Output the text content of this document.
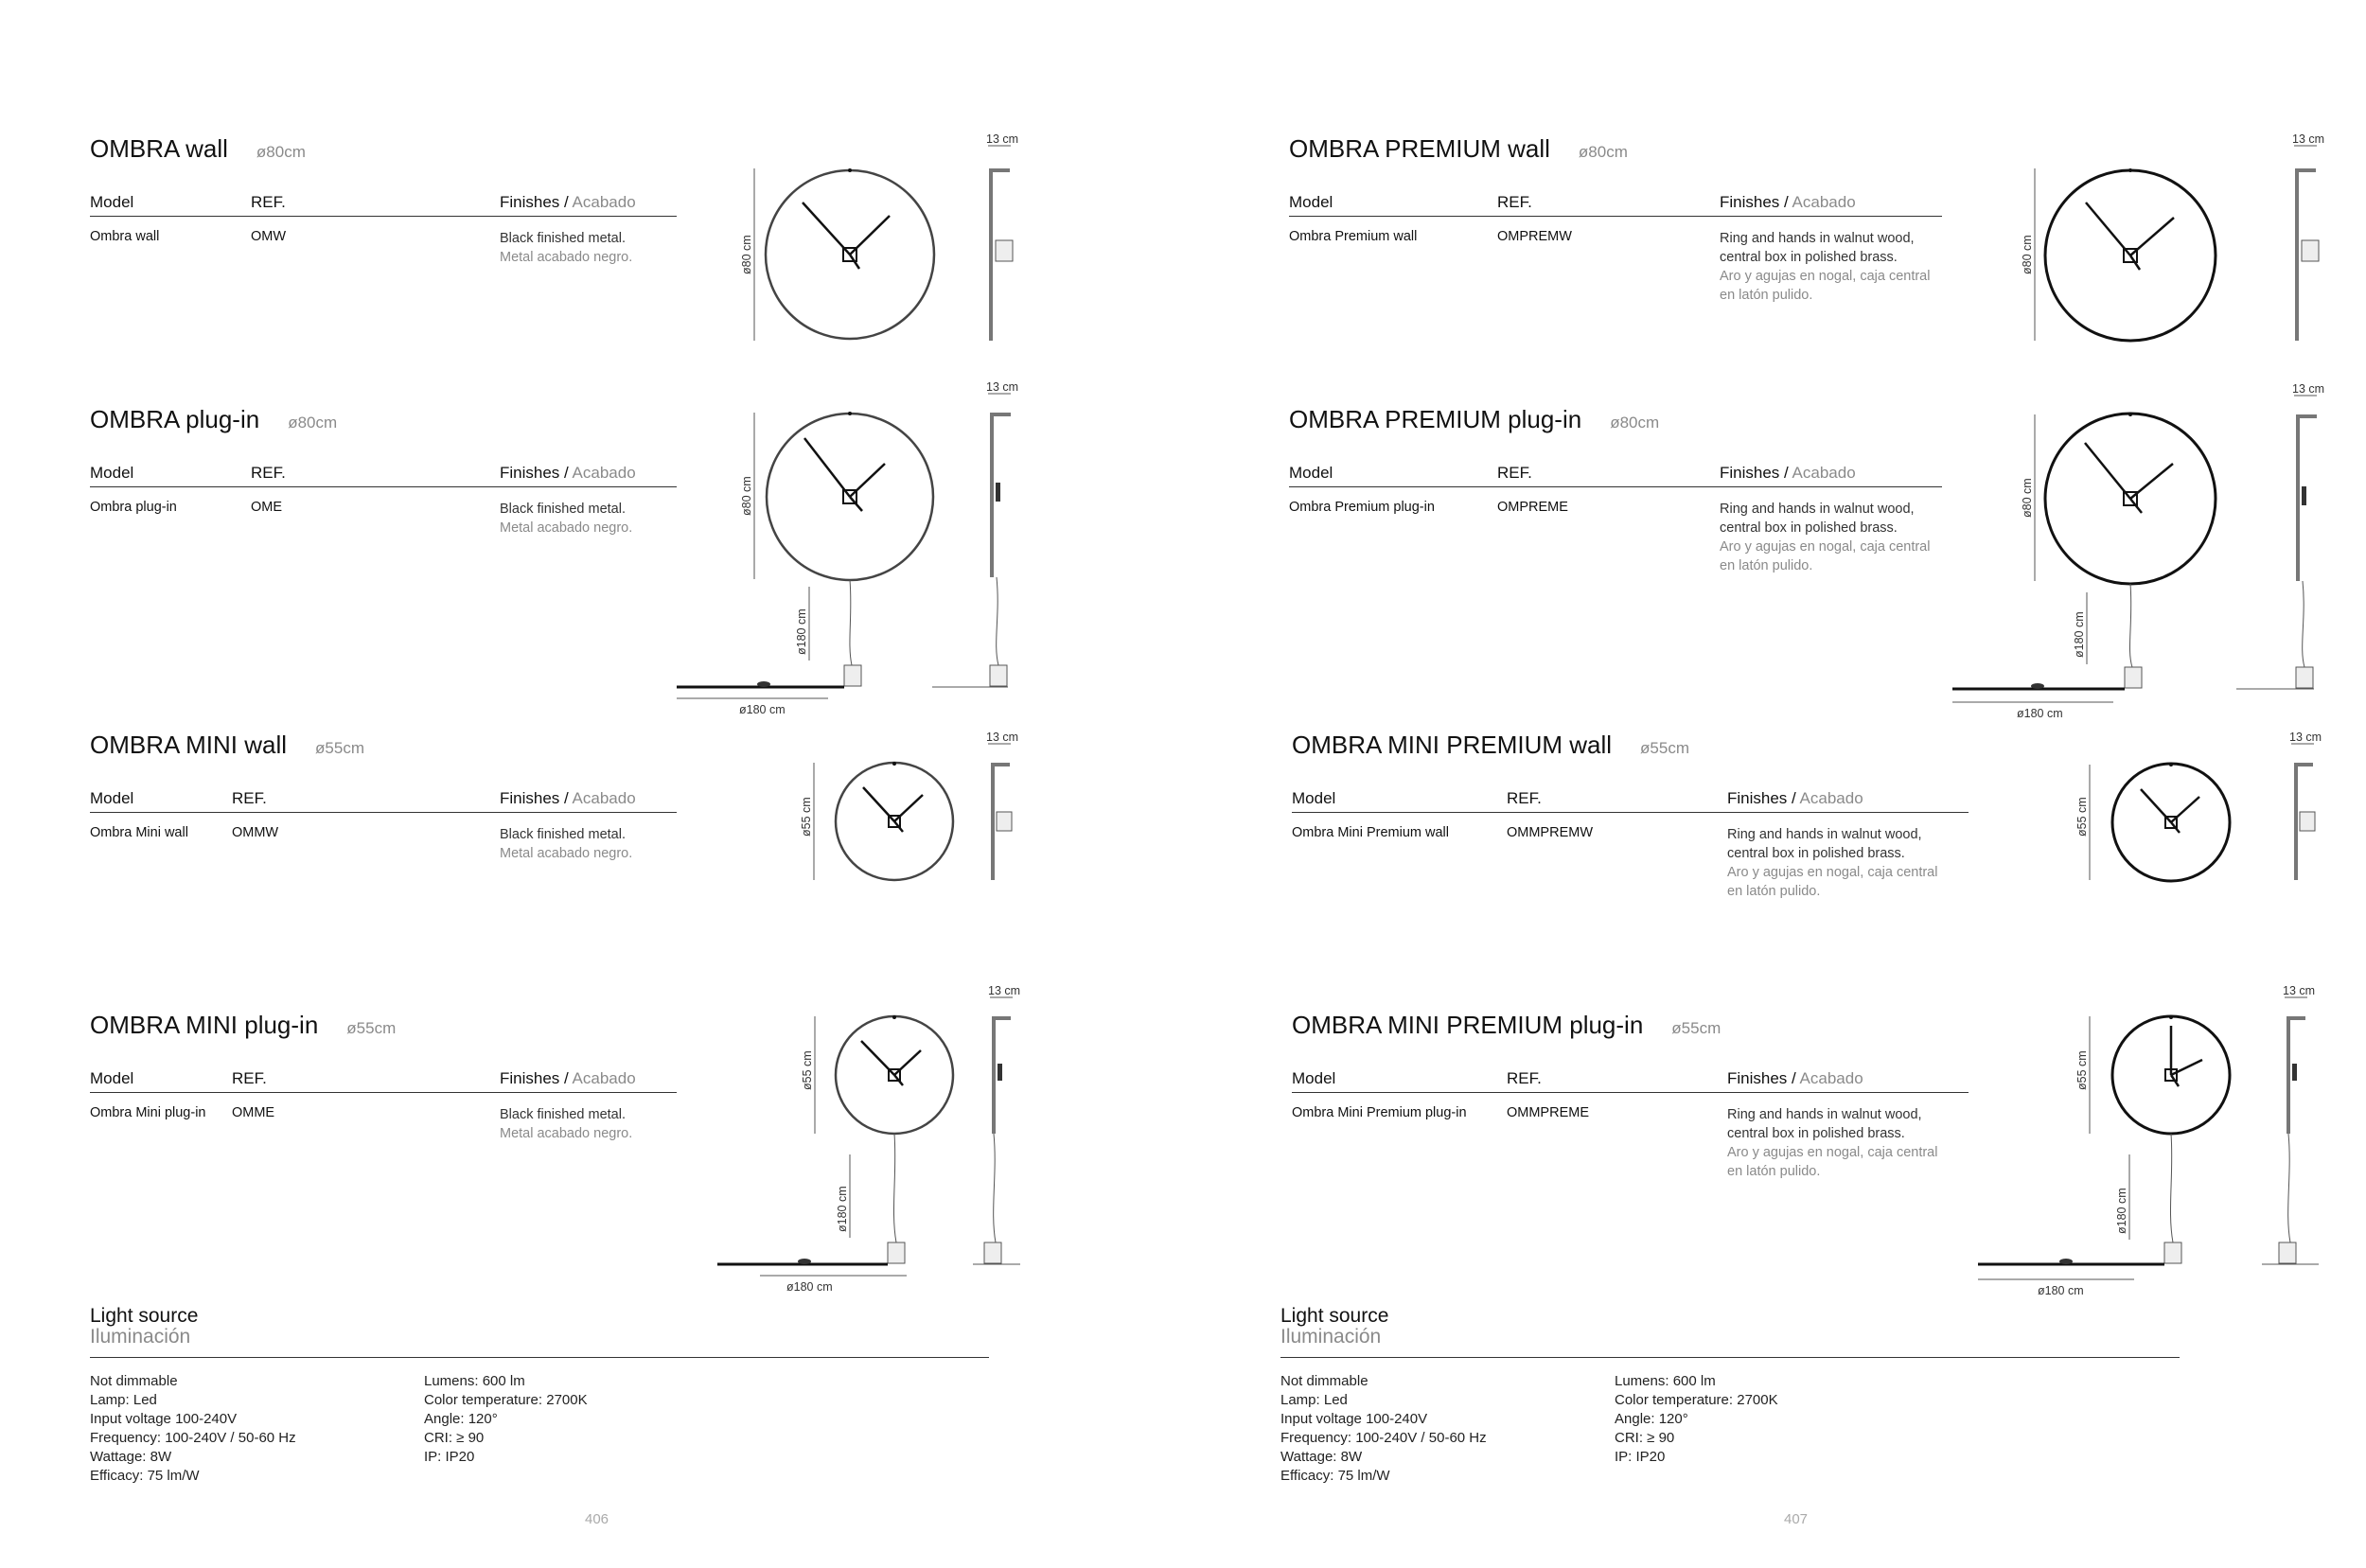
OMBRA wall ø80cm
Model	REF.	Finishes / Acabado
Ombra wall	OMW	Black finished metal.
Metal acabado negro.	ø80 cm
13 cm
OMBRA plug-in ø80cm
Model	REF.	Finishes / Acabado
Ombra plug-in	OME	Black finished metal.
Metal acabado negro.
ø80 cm
ø180 cm
ø180 cm
13 cm
OMBRA MINI wall ø55cm
Model	REF.	Finishes / Acabado
Ombra Mini wall	OMMW	Black finished metal.
Metal acabado negro.
ø55 cm
13 cm
OMBRA MINI plug-in ø55cm
Model	REF.	Finishes / Acabado
Ombra Mini plug-in OMME	Black finished metal.
Metal acabado negro.
ø55 cm
ø180 cm
ø180 cm
13 cm
Light source
Iluminación
Not dimmable
Lamp: Led
Input voltage 100-240V
Frequency: 100-240V / 50-60 Hz
Wattage: 8W
Efficacy: 75 lm/W
Lumens: 600 lm
Color temperature: 2700K
Angle: 120°
CRI: ≥ 90
IP: IP20
406
OMBRA PREMIUM wall ø80cm
Model	REF.	Finishes / Acabado
Ombra Premium wall	OMPREMW	Ring and hands in walnut wood, central box in polished brass.
Aro y agujas en nogal, caja central en latón pulido.
ø80 cm
13 cm
OMBRA PREMIUM plug-in ø80cm
Model	REF.	Finishes / Acabado
Ombra Premium plug-in	OMPREME	Ring and hands in walnut wood, central box in polished brass.
Aro y agujas en nogal, caja central en latón pulido.
ø80 cm
ø180 cm
ø180 cm
13 cm
OMBRA MINI PREMIUM wall ø55cm
Model	REF.	Finishes / Acabado
Ombra Mini Premium wall	OMMPREMW	Ring and hands in walnut wood, central box in polished brass.
Aro y agujas en nogal, caja central en latón pulido.
ø55 cm
13 cm
OMBRA MINI PREMIUM plug-in ø55cm
Model	REF.	Finishes / Acabado
Ombra Mini Premium plug-in	OMMPREME	Ring and hands in walnut wood, central box in polished brass.
Aro y agujas en nogal, caja central en latón pulido.
ø55 cm
ø180 cm
ø180 cm
13 cm
Light source
Iluminación
Not dimmable
Lamp: Led
Input voltage 100-240V
Frequency: 100-240V / 50-60 Hz
Wattage: 8W
Efficacy: 75 lm/W
Lumens: 600 lm
Color temperature: 2700K
Angle: 120°
CRI: ≥ 90
IP: IP20
407
